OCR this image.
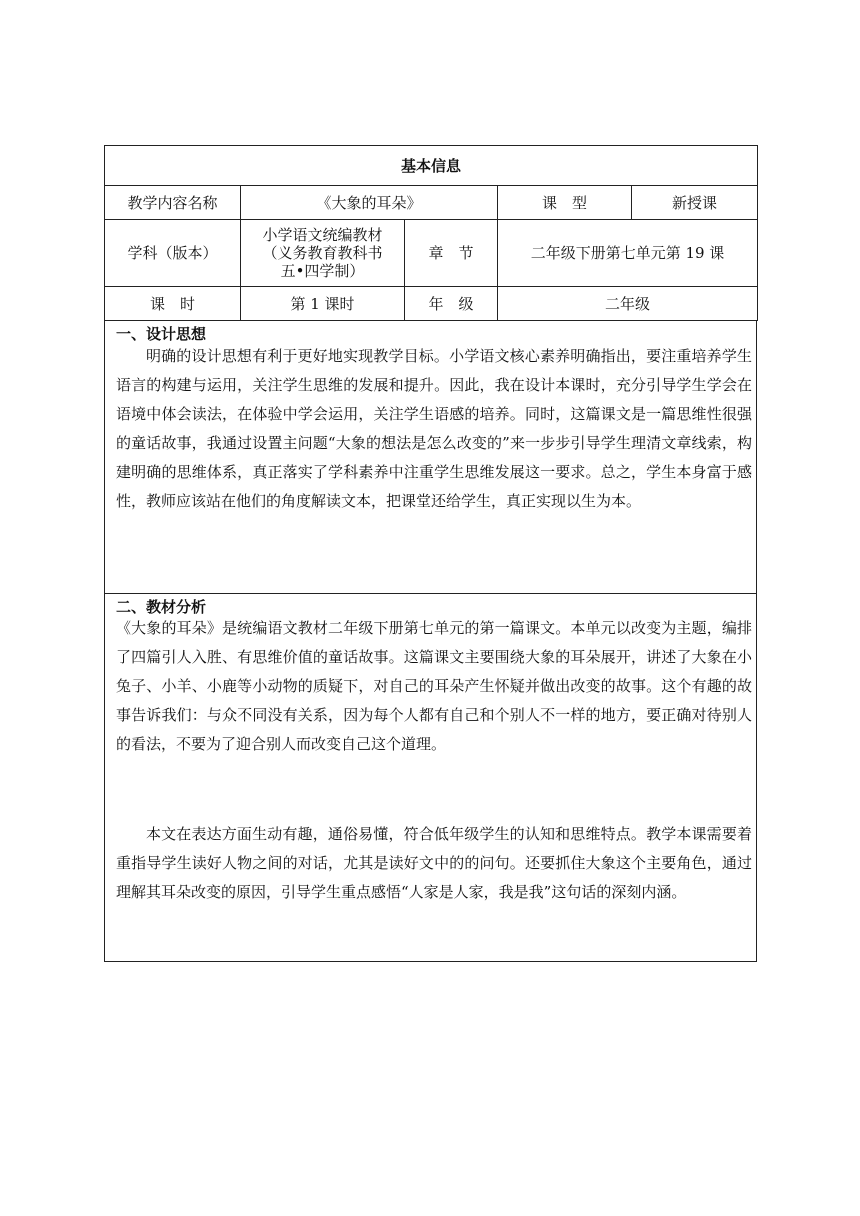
基本信息				
教学内容名称	《大象的耳朵》		课　型	新授课
学科（版本）	小学语文统编教材
（义务教育教科书
五•四学制）	章　节	二年级下册第七单元第 19 课	
课　时	第 1 课时	年　级	二年级	
一、设计思想

明确的设计思想有利于更好地实现教学目标。小学语文核心素养明确指出，要注重培养学生语言的构建与运用，关注学生思维的发展和提升。因此，我在设计本课时，充分引导学生学会在语境中体会读法，在体验中学会运用，关注学生语感的培养。同时，这篇课文是一篇思维性很强的童话故事，我通过设置主问题“大象的想法是怎么改变的”来一步步引导学生理清文章线索，构建明确的思维体系，真正落实了学科素养中注重学生思维发展这一要求。总之，学生本身富于感性，教师应该站在他们的角度解读文本，把课堂还给学生，真正实现以生为本。

二、教材分析

《大象的耳朵》是统编语文教材二年级下册第七单元的第一篇课文。本单元以改变为主题，编排了四篇引人入胜、有思维价值的童话故事。这篇课文主要围绕大象的耳朵展开，讲述了大象在小兔子、小羊、小鹿等小动物的质疑下，对自己的耳朵产生怀疑并做出改变的故事。这个有趣的故事告诉我们：与众不同没有关系，因为每个人都有自己和个别人不一样的地方，要正确对待别人的看法，不要为了迎合别人而改变自己这个道理。

本文在表达方面生动有趣，通俗易懂，符合低年级学生的认知和思维特点。教学本课需要着重指导学生读好人物之间的对话，尤其是读好文中的的问句。还要抓住大象这个主要角色，通过理解其耳朵改变的原因，引导学生重点感悟“人家是人家，我是我”这句话的深刻内涵。
